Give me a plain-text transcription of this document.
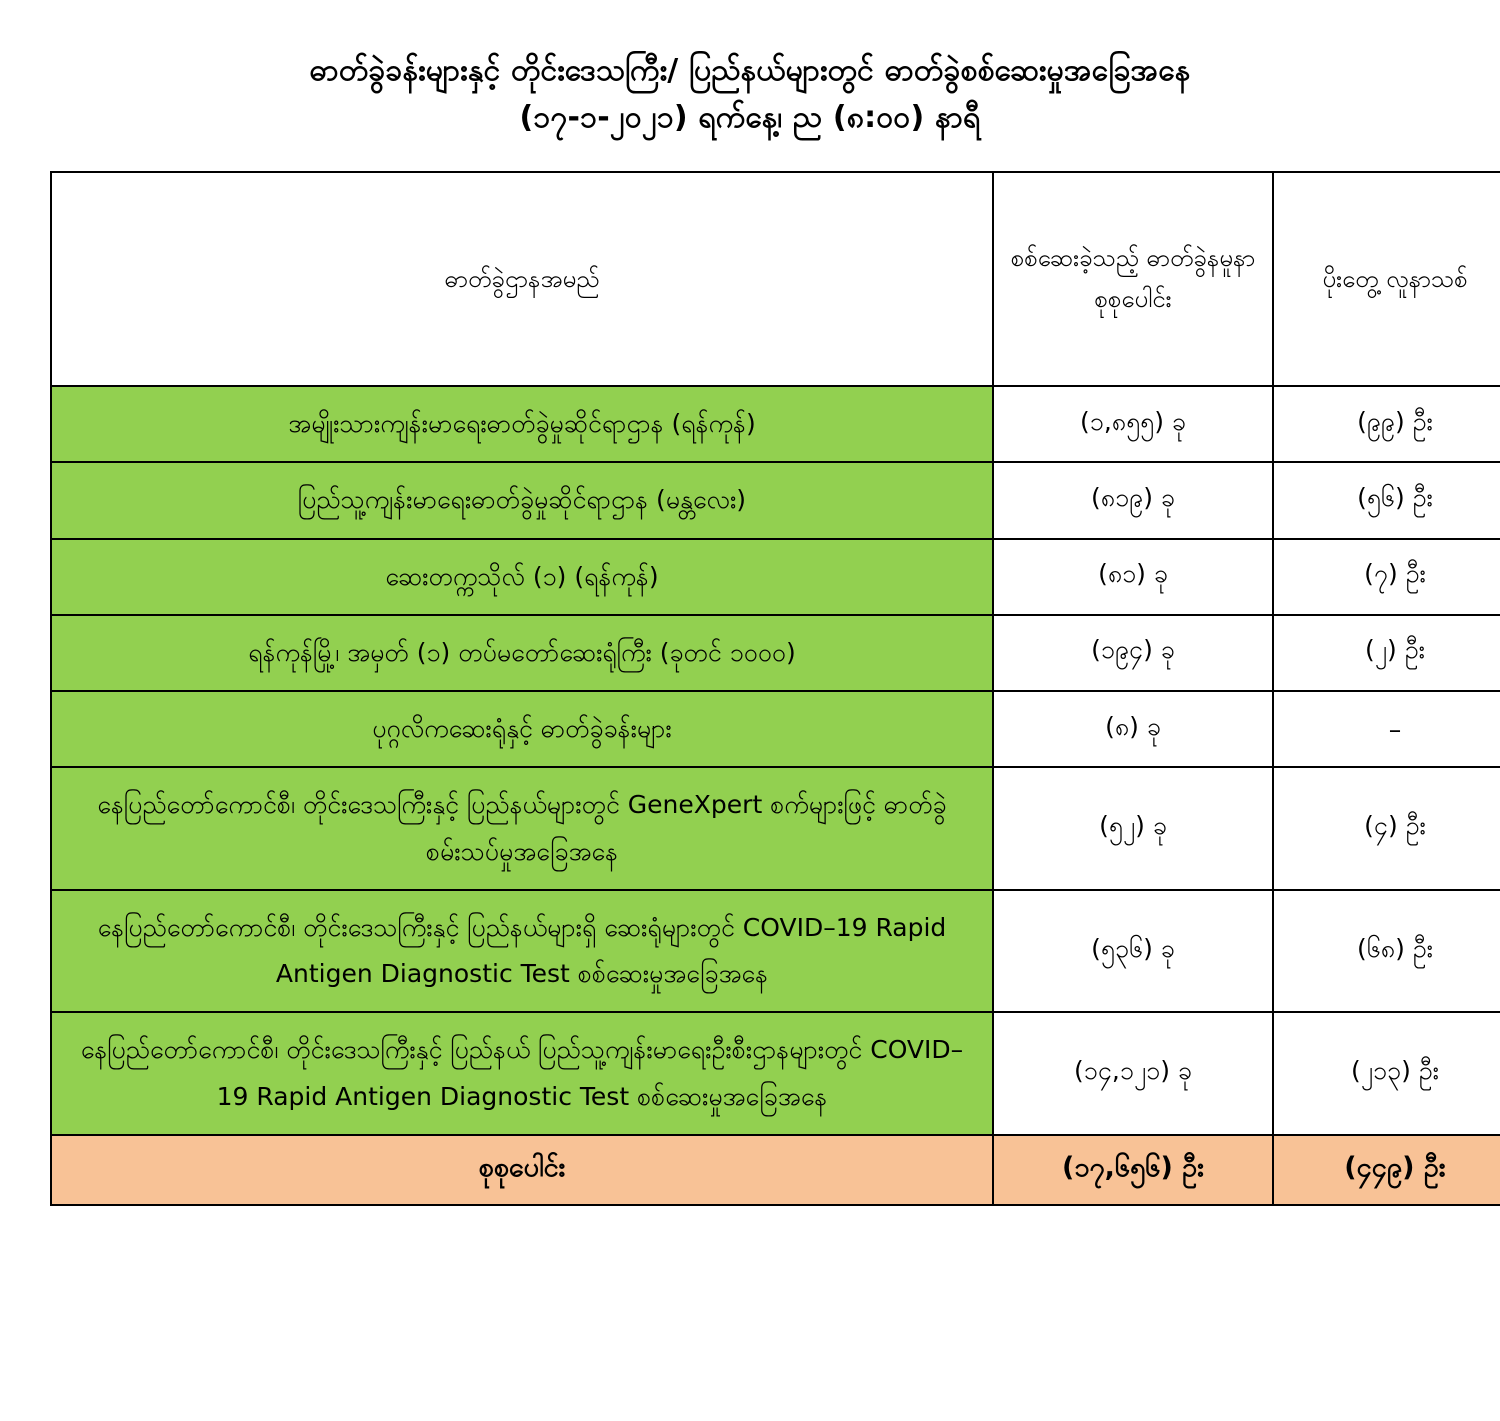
ဓာတ်ခွဲခန်းများနှင့် တိုင်းဒေသကြီး/ ပြည်နယ်များတွင် ဓာတ်ခွဲစစ်ဆေးမှုအခြေအနေ
(၁၇-၁-၂၀၂၁) ရက်နေ့၊ ည (၈:၀၀) နာရီ
ဓာတ်ခွဲဌာနအမည်	စစ်ဆေးခဲ့သည့် ဓာတ်ခွဲနမူနာ စုစုပေါင်း	ပိုးတွေ့ လူနာသစ်
အမျိုးသားကျန်းမာရေးဓာတ်ခွဲမှုဆိုင်ရာဌာန (ရန်ကုန်)	(၁,၈၅၅) ခု	(၉၉) ဦး
ပြည်သူ့ကျန်းမာရေးဓာတ်ခွဲမှုဆိုင်ရာဌာန (မန္တလေး)	(၈၁၉) ခု	(၅၆) ဦး
ဆေးတက္ကသိုလ် (၁) (ရန်ကုန်)	(၈၁) ခု	(၇) ဦး
ရန်ကုန်မြို့၊ အမှတ် (၁) တပ်မတော်ဆေးရုံကြီး (ခုတင် ၁၀၀၀)	(၁၉၄) ခု	(၂) ဦး
ပုဂ္ဂလိကဆေးရုံနှင့် ဓာတ်ခွဲခန်းများ	(၈) ခု	–
နေပြည်တော်ကောင်စီ၊ တိုင်းဒေသကြီးနှင့် ပြည်နယ်များတွင် GeneXpert စက်များဖြင့် ဓာတ်ခွဲစမ်းသပ်မှုအခြေအနေ	(၅၂) ခု	(၄) ဦး
နေပြည်တော်ကောင်စီ၊ တိုင်းဒေသကြီးနှင့် ပြည်နယ်များရှိ ဆေးရုံများတွင် COVID–19 Rapid Antigen Diagnostic Test စစ်ဆေးမှုအခြေအနေ	(၅၃၆) ခု	(၆၈) ဦး
နေပြည်တော်ကောင်စီ၊ တိုင်းဒေသကြီးနှင့် ပြည်နယ် ပြည်သူ့ကျန်းမာရေးဦးစီးဌာနများတွင် COVID–19 Rapid Antigen Diagnostic Test စစ်ဆေးမှုအခြေအနေ	(၁၄,၁၂၁) ခု	(၂၁၃) ဦး
စုစုပေါင်း	(၁၇,၆၅၆) ဦး	(၄၄၉) ဦး
